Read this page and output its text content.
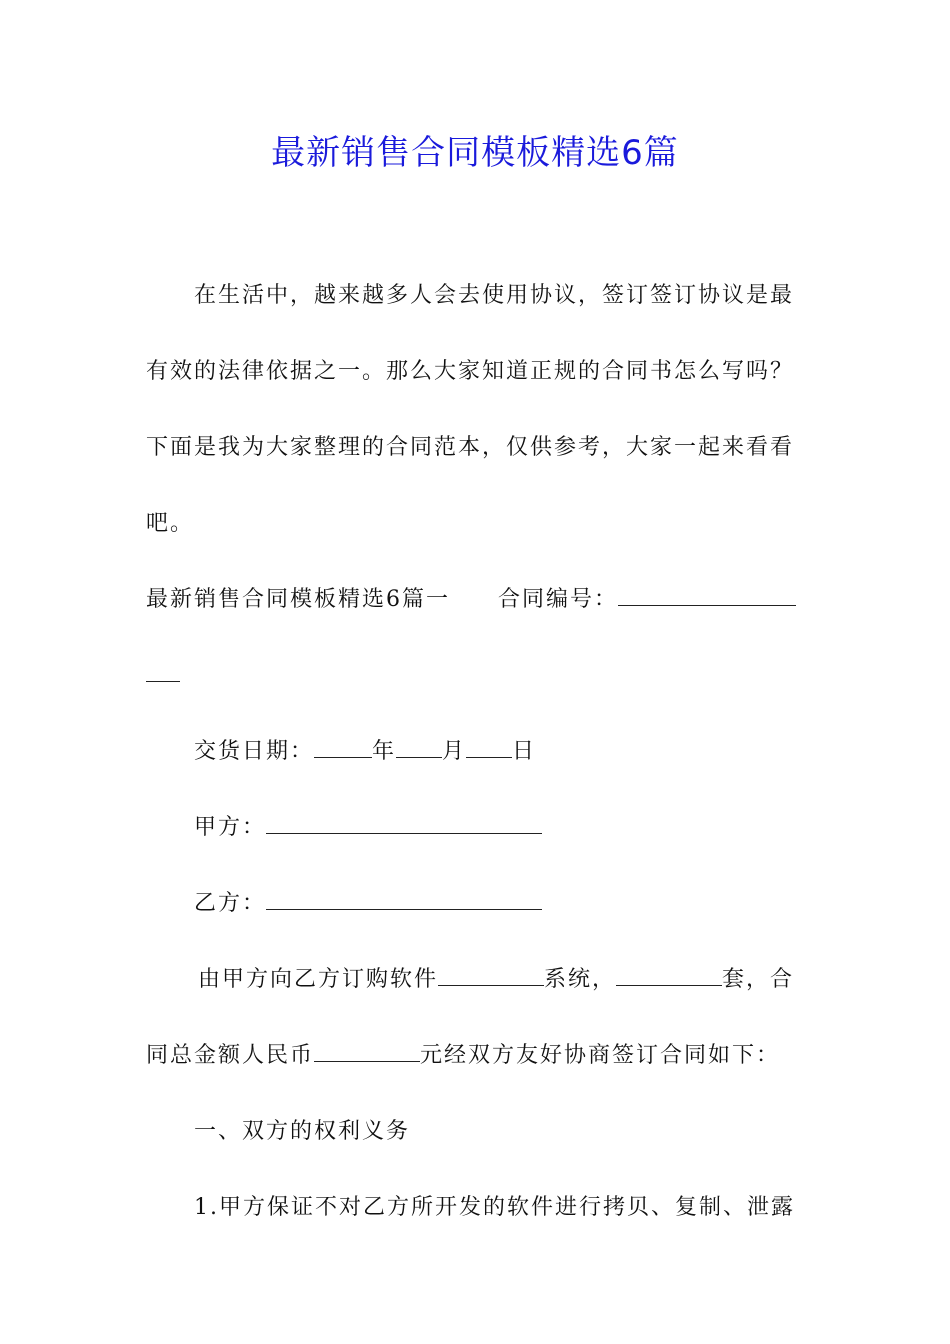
最新销售合同模板精选6篇

在生活中，越来越多人会去使用协议，签订签订协议是最
有效的法律依据之一。那么大家知道正规的合同书怎么写吗？
下面是我为大家整理的合同范本，仅供参考，大家一起来看看
吧。

最新销售合同模板精选6篇一 合同编号：

交货日期：	年 月 日

甲方：

乙方：

由甲方向乙方订购软件	系统，	套，合
同总金额人民币	元经双方友好协商签订合同如下：

一、双方的权利义务

1.甲方保证不对乙方所开发的软件进行拷贝、复制、泄露
